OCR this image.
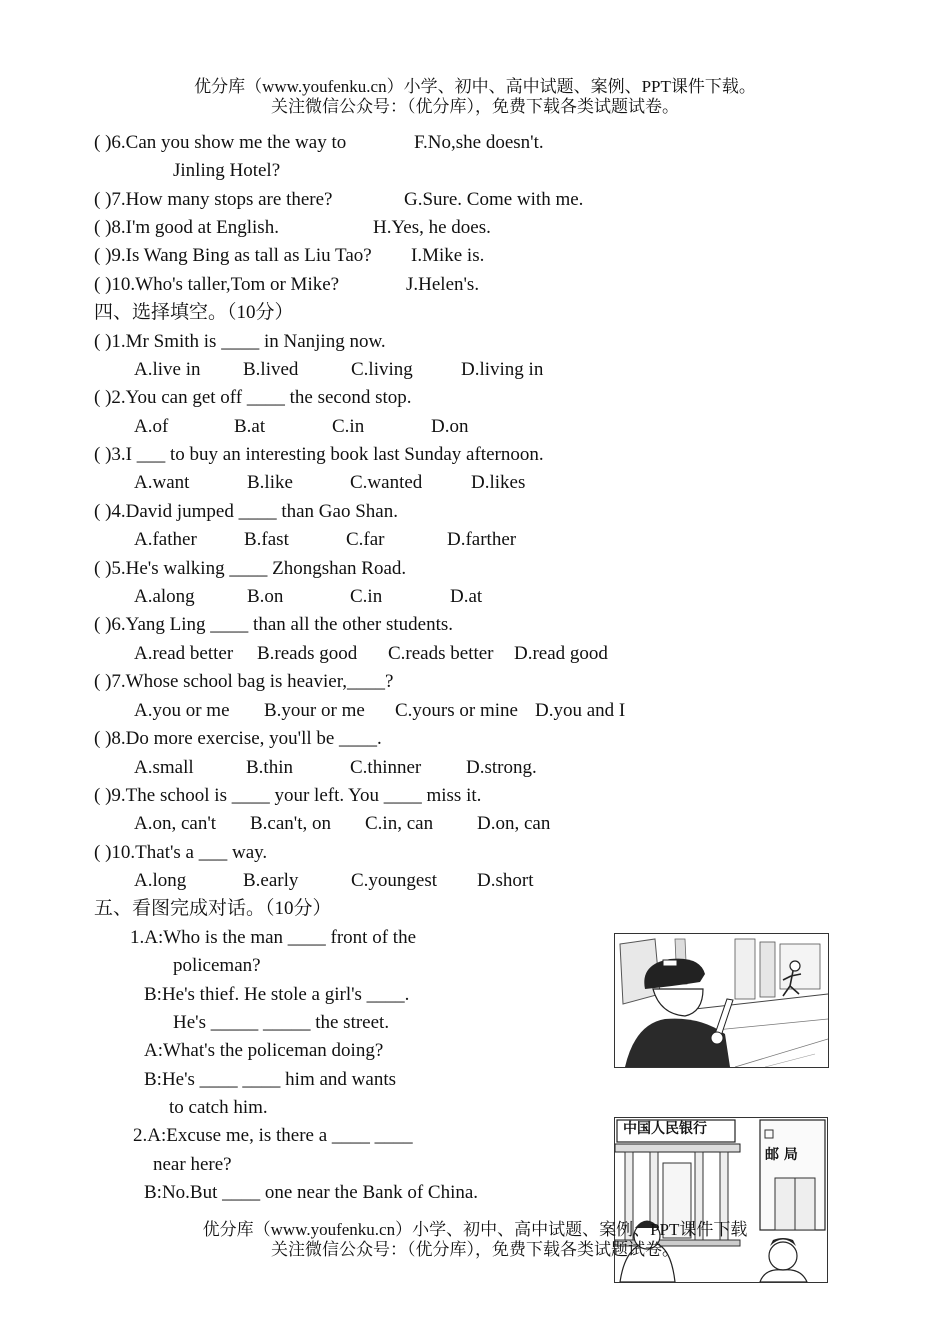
优分库（www.youfenku.cn）小学、初中、高中试题、案例、PPT课件下载。
关注微信公众号：（优分库），免费下载各类试题试卷。
( )6.Can you show me the way to	F.No,she doesn't.
Jinling Hotel?
( )7.How many stops are there?	G.Sure. Come with me.
( )8.I'm good at English.	H.Yes, he does.
( )9.Is Wang Bing as tall as Liu Tao? I.Mike is.
( )10.Who's taller,Tom or Mike?	J.Helen's.
四、选择填空。（10分）
( )1.Mr Smith is ____ in Nanjing now.
A.live in B.lived	C.living	D.living in
( )2.You can get off ____ the second stop.
A.of	B.at	C.in	D.on
( )3.I ___ to buy an interesting book last Sunday afternoon.
A.want	B.like	C.wanted	D.likes
( )4.David jumped ____ than Gao Shan.
A.father B.fast	C.far	D.farther
( )5.He's walking ____ Zhongshan Road.
A.along	B.on	C.in	D.at
( )6.Yang Ling ____ than all the other students.
A.read better B.reads good C.reads better D.read good
( )7.Whose school bag is heavier,____?
A.you or me B.your or me C.yours or mine D.you and I
( )8.Do more exercise, you'll be ____.
A.small	B.thin	C.thinner D.strong.
( )9.The school is ____ your left. You ____ miss it.
A.on, can't B.can't, on C.in, can D.on, can
( )10.That's a ___ way.
A.long	B.early	C.youngest D.short
五、看图完成对话。（10分）
1.A:Who is the man ____ front of the
policeman?
B:He's thief. He stole a girl's ____.
He's _____ _____ the street.
A:What's the policeman doing?
B:He's ____ ____ him and wants
to catch him.
2.A:Excuse me, is there a ____ ____
near here?
B:No.But ____ one near the Bank of China.
中国人民银行
邮 局
优分库（www.youfenku.cn）小学、初中、高中试题、案例、PPT课件下载
关注微信公众号：（优分库），免费下载各类试题试卷。
